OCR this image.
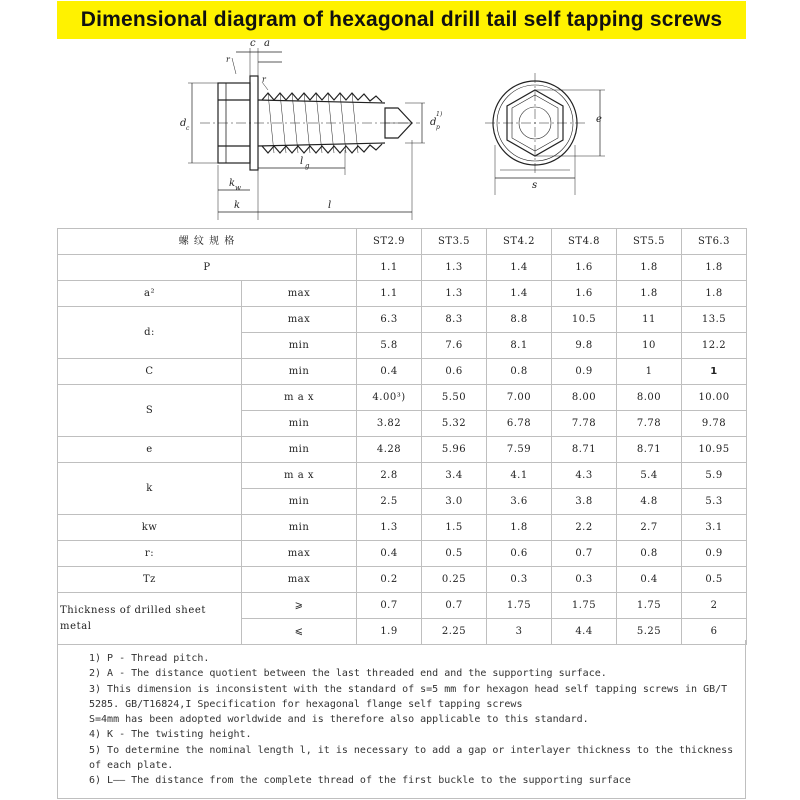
Dimensional diagram of hexagonal drill tail self tapping screws
c a
r
r
d c
l g
k w
k	l
d p
1)	e
s
螺 纹 规 格		ST2.9	ST3.5	ST4.2	ST4.8	ST5.5	ST6.3
P		1.1	1.3	1.4	1.6	1.8	1.8
a²	max	1.1	1.3	1.4	1.6	1.8	1.8
d:	max	6.3	8.3	8.8	10.5	11	13.5
	min	5.8	7.6	8.1	9.8	10	12.2
C	min	0.4	0.6	0.8	0.9	1	1
S	m a x	4.00³)	5.50	7.00	8.00	8.00	10.00
	min	3.82	5.32	6.78	7.78	7.78	9.78
e	min	4.28	5.96	7.59	8.71	8.71	10.95
k	m a x	2.8	3.4	4.1	4.3	5.4	5.9
	min	2.5	3.0	3.6	3.8	4.8	5.3
kw	min	1.3	1.5	1.8	2.2	2.7	3.1
r:	max	0.4	0.5	0.6	0.7	0.8	0.9
Tz	max	0.2	0.25	0.3	0.3	0.4	0.5
Thickness of drilled sheet metal	⩾	0.7	0.7	1.75	1.75	1.75	2
	⩽	1.9	2.25	3	4.4	5.25	6
1) P - Thread pitch.
2) A - The distance quotient between the last threaded end and the supporting surface.
3) This dimension is inconsistent with the standard of s=5 mm for hexagon head self tapping screws in GB/T 5285. GB/T16824,I Specification for hexagonal flange self tapping screws
S=4mm has been adopted worldwide and is therefore also applicable to this standard.
4) K - The twisting height.
5) To determine the nominal length l, it is necessary to add a gap or interlayer thickness to the thickness of each plate.
6) L—— The distance from the complete thread of the first buckle to the supporting surface
